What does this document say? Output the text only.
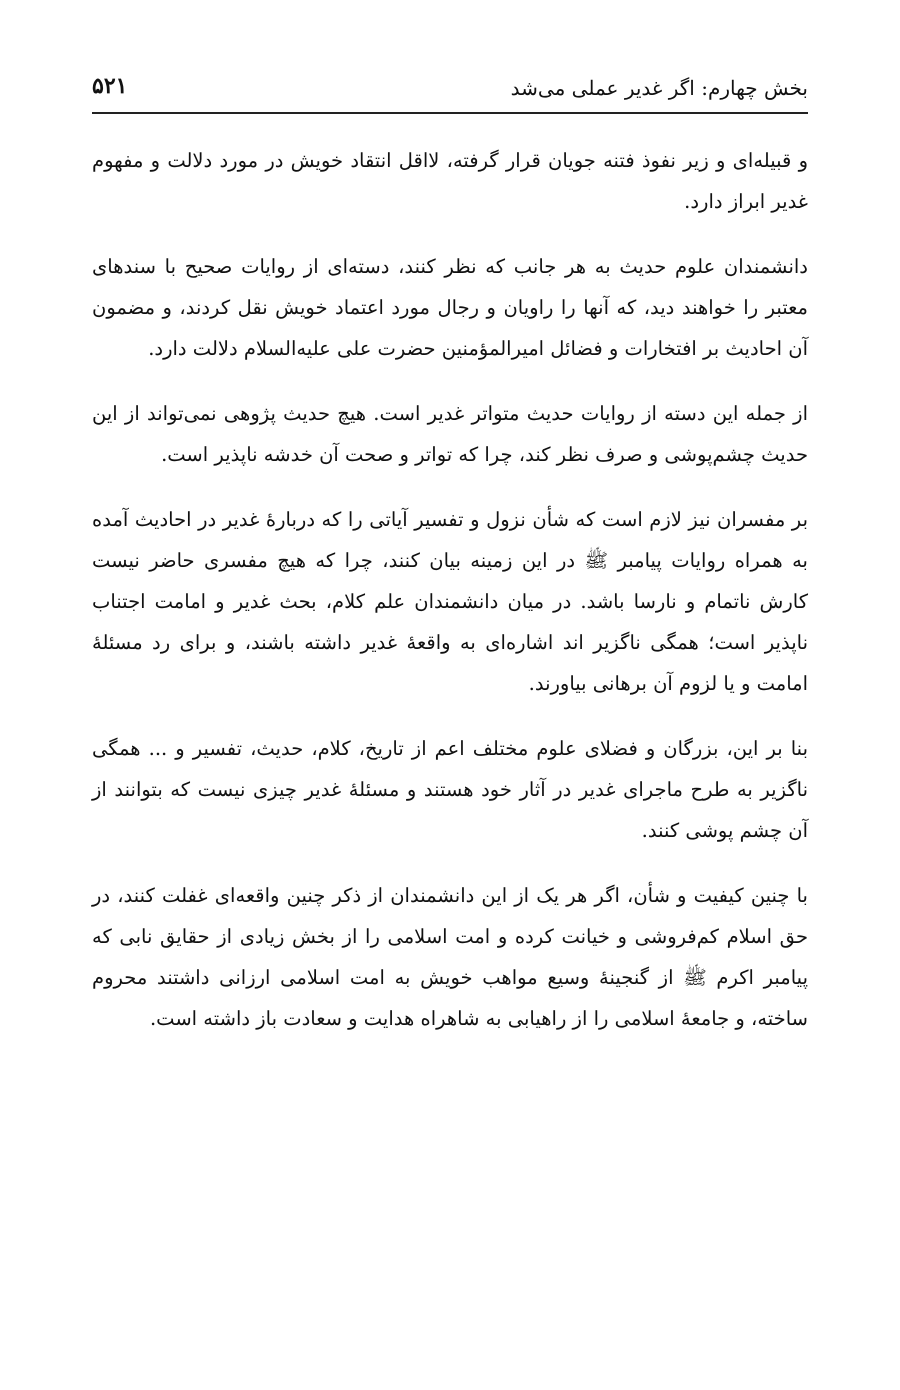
بخش چهارم: اگر غدیر عملی می‌شد
۵۲۱

و قبیله‌ای و زیر نفوذ فتنه جویان قرار گرفته، لااقل انتقاد خویش در مورد دلالت و مفهوم غدیر ابراز دارد.

دانشمندان علوم حدیث به هر جانب که نظر کنند، دسته‌ای از روایات صحیح با سندهای معتبر را خواهند دید، که آنها را راویان و رجال مورد اعتماد خویش نقل کردند، و مضمون آن احادیث بر افتخارات و فضائل امیرالمؤمنین حضرت علی علیه‌السلام دلالت دارد.

از جمله این دسته از روایات حدیث متواتر غدیر است. هیچ حدیث پژوهی نمی‌تواند از این حدیث چشم‌پوشی و صرف نظر کند، چرا که تواتر و صحت آن خدشه ناپذیر است.

بر مفسران نیز لازم است که شأن نزول و تفسیر آیاتی را که دربارهٔ غدیر در احادیث آمده به همراه روایات پیامبر ﷺ در این زمینه بیان کنند، چرا که هیچ مفسری حاضر نیست کارش ناتمام و نارسا باشد. در میان دانشمندان علم کلام، بحث غدیر و امامت اجتناب ناپذیر است؛ همگی ناگزیر اند اشاره‌ای به واقعهٔ غدیر داشته باشند، و برای رد مسئلهٔ امامت و یا لزوم آن برهانی بیاورند.

بنا بر این، بزرگان و فضلای علوم مختلف اعم از تاریخ، کلام، حدیث، تفسیر و ... همگی ناگزیر به طرح ماجرای غدیر در آثار خود هستند و مسئلهٔ غدیر چیزی نیست که بتوانند از آن چشم پوشی کنند.

با چنین کیفیت و شأن، اگر هر یک از این دانشمندان از ذکر چنین واقعه‌ای غفلت کنند، در حق اسلام کم‌فروشی و خیانت کرده و امت اسلامی را از بخش زیادی از حقایق نابی که پیامبر اکرم ﷺ از گنجینهٔ وسیع مواهب خویش به امت اسلامی ارزانی داشتند محروم ساخته، و جامعهٔ اسلامی را از راهیابی به شاهراه هدایت و سعادت باز داشته است.
